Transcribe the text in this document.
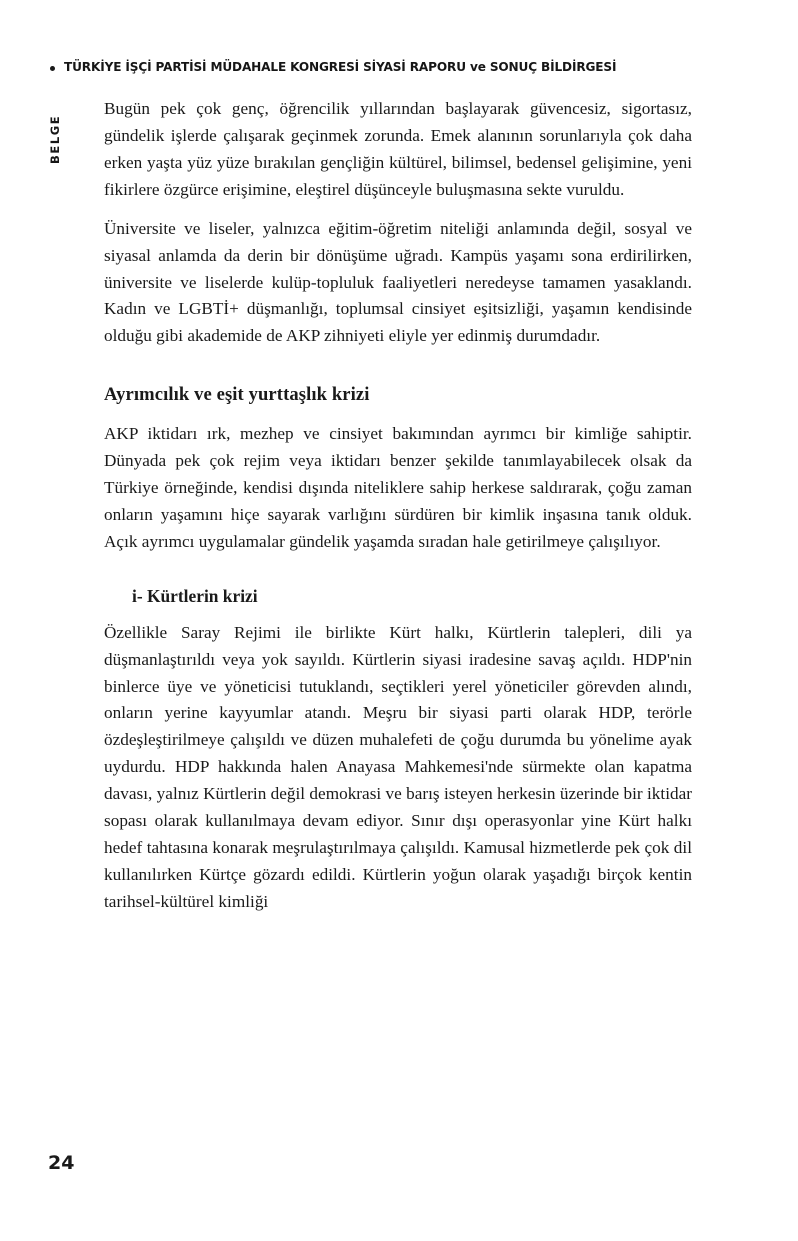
TÜRKİYE İŞÇİ PARTİSİ MÜDAHALE KONGRESİ SİYASİ RAPORU ve SONUÇ BİLDİRGESİ
BELGE

Bugün pek çok genç, öğrencilik yıllarından başlayarak güvencesiz, sigortasız, gündelik işlerde çalışarak geçinmek zorunda. Emek alanının sorunlarıyla çok daha erken yaşta yüz yüze bırakılan gençliğin kültürel, bilimsel, bedensel gelişimine, yeni fikirlere özgürce erişimine, eleştirel düşünceyle buluşmasına sekte vuruldu.

Üniversite ve liseler, yalnızca eğitim-öğretim niteliği anlamında değil, sosyal ve siyasal anlamda da derin bir dönüşüme uğradı. Kampüs yaşamı sona erdirilirken, üniversite ve liselerde kulüp-topluluk faaliyetleri neredeyse tamamen yasaklandı. Kadın ve LGBTİ+ düşmanlığı, toplumsal cinsiyet eşitsizliği, yaşamın kendisinde olduğu gibi akademide de AKP zihniyeti eliyle yer edinmiş durumdadır.

Ayrımcılık ve eşit yurttaşlık krizi

AKP iktidarı ırk, mezhep ve cinsiyet bakımından ayrımcı bir kimliğe sahiptir. Dünyada pek çok rejim veya iktidarı benzer şekilde tanımlayabilecek olsak da Türkiye örneğinde, kendisi dışında niteliklere sahip herkese saldırarak, çoğu zaman onların yaşamını hiçe sayarak varlığını sürdüren bir kimlik inşasına tanık olduk. Açık ayrımcı uygulamalar gündelik yaşamda sıradan hale getirilmeye çalışılıyor.

i- Kürtlerin krizi

Özellikle Saray Rejimi ile birlikte Kürt halkı, Kürtlerin talepleri, dili ya düşmanlaştırıldı veya yok sayıldı. Kürtlerin siyasi iradesine savaş açıldı. HDP'nin binlerce üye ve yöneticisi tutuklandı, seçtikleri yerel yöneticiler görevden alındı, onların yerine kayyumlar atandı. Meşru bir siyasi parti olarak HDP, terörle özdeşleştirilmeye çalışıldı ve düzen muhalefeti de çoğu durumda bu yönelime ayak uydurdu. HDP hakkında halen Anayasa Mahkemesi'nde sürmekte olan kapatma davası, yalnız Kürtlerin değil demokrasi ve barış isteyen herkesin üzerinde bir iktidar sopası olarak kullanılmaya devam ediyor. Sınır dışı operasyonlar yine Kürt halkı hedef tahtasına konarak meşrulaştırılmaya çalışıldı. Kamusal hizmetlerde pek çok dil kullanılırken Kürtçe gözardı edildi. Kürtlerin yoğun olarak yaşadığı birçok kentin tarihsel-kültürel kimliği

24
